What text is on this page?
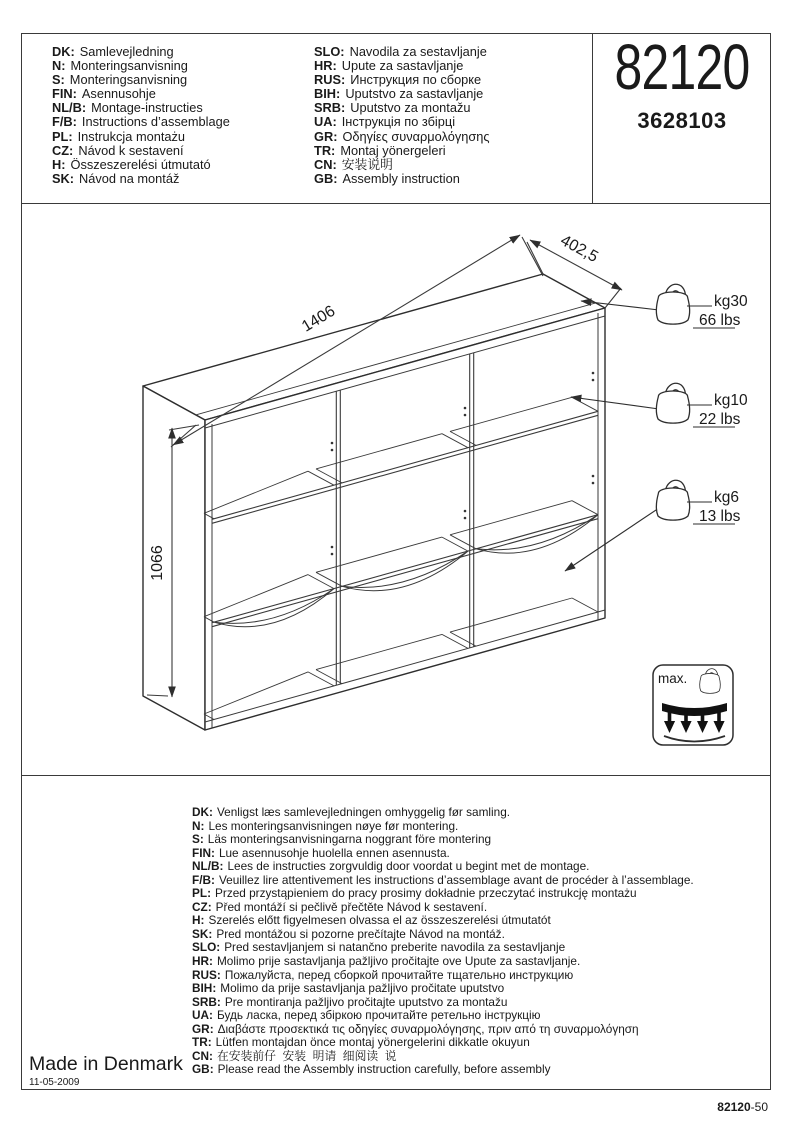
DK: Samlevejledning
N: Monteringsanvisning
S: Monteringsanvisning
FIN: Asennusohje
NL/B: Montage-instructies
F/B: Instructions d’assemblage
PL: Instrukcja montażu
CZ: Návod k sestavení
H: Összeszerelési útmutató
SK: Návod na montáž
SLO: Navodila za sestavljanje
HR: Upute za sastavljanje
RUS: Инструкция по сборке
BIH: Uputstvo za sastavljanje
SRB: Uputstvo za montažu
UA: Інструкція по збірці
GR: Οδηγίες συναρμολόγησης
TR: Montaj yönergeleri
CN: 安装说明
GB: Assembly instruction
82120
3628103
1406
402,5
1066
kg30
66 lbs
kg10
22 lbs
kg6
13 lbs
max.
DK: Venligst læs samlevejledningen omhyggelig før samling.
N: Les monteringsanvisningen nøye før montering.
S: Läs monteringsanvisningarna noggrant före montering
FIN: Lue asennusohje huolella ennen asennusta.
NL/B: Lees de instructies zorgvuldig door voordat u begint met de montage.
F/B: Veuillez lire attentivement les instructions d’assemblage avant de procéder à l’assemblage.
PL: Przed przystąpieniem do pracy prosimy dokładnie przeczytać instrukcję montażu
CZ: Před montáží si pečlivě přečtěte Návod k sestavení.
H: Szerelés előtt figyelmesen olvassa el az összeszerelési útmutatót
SK: Pred montážou si pozorne prečítajte Návod na montáž.
SLO: Pred sestavljanjem si natančno preberite navodila za sestavljanje
HR: Molimo prije sastavljanja pažljivo pročitajte ove Upute za sastavljanje.
RUS: Пожалуйста, перед сборкой прочитайте тщательно инструкцию
BIH: Molimo da prije sastavljanja pažljivo pročitate uputstvo
SRB: Pre montiranja pažljivo pročitajte uputstvo za montažu
UA: Будь ласка, перед збіркою прочитайте ретельно інструкцію
GR: Διαβάστε προσεκτικά τις οδηγίες συναρμολόγησης, πριν από τη συναρμολόγηση
TR: Lütfen montajdan önce montaj yönergelerini dikkatle okuyun
CN: 在安装前仔  安装  明请  细阅读  说
GB: Please read the Assembly instruction carefully, before assembly
Made in Denmark
11-05-2009
82120-50
